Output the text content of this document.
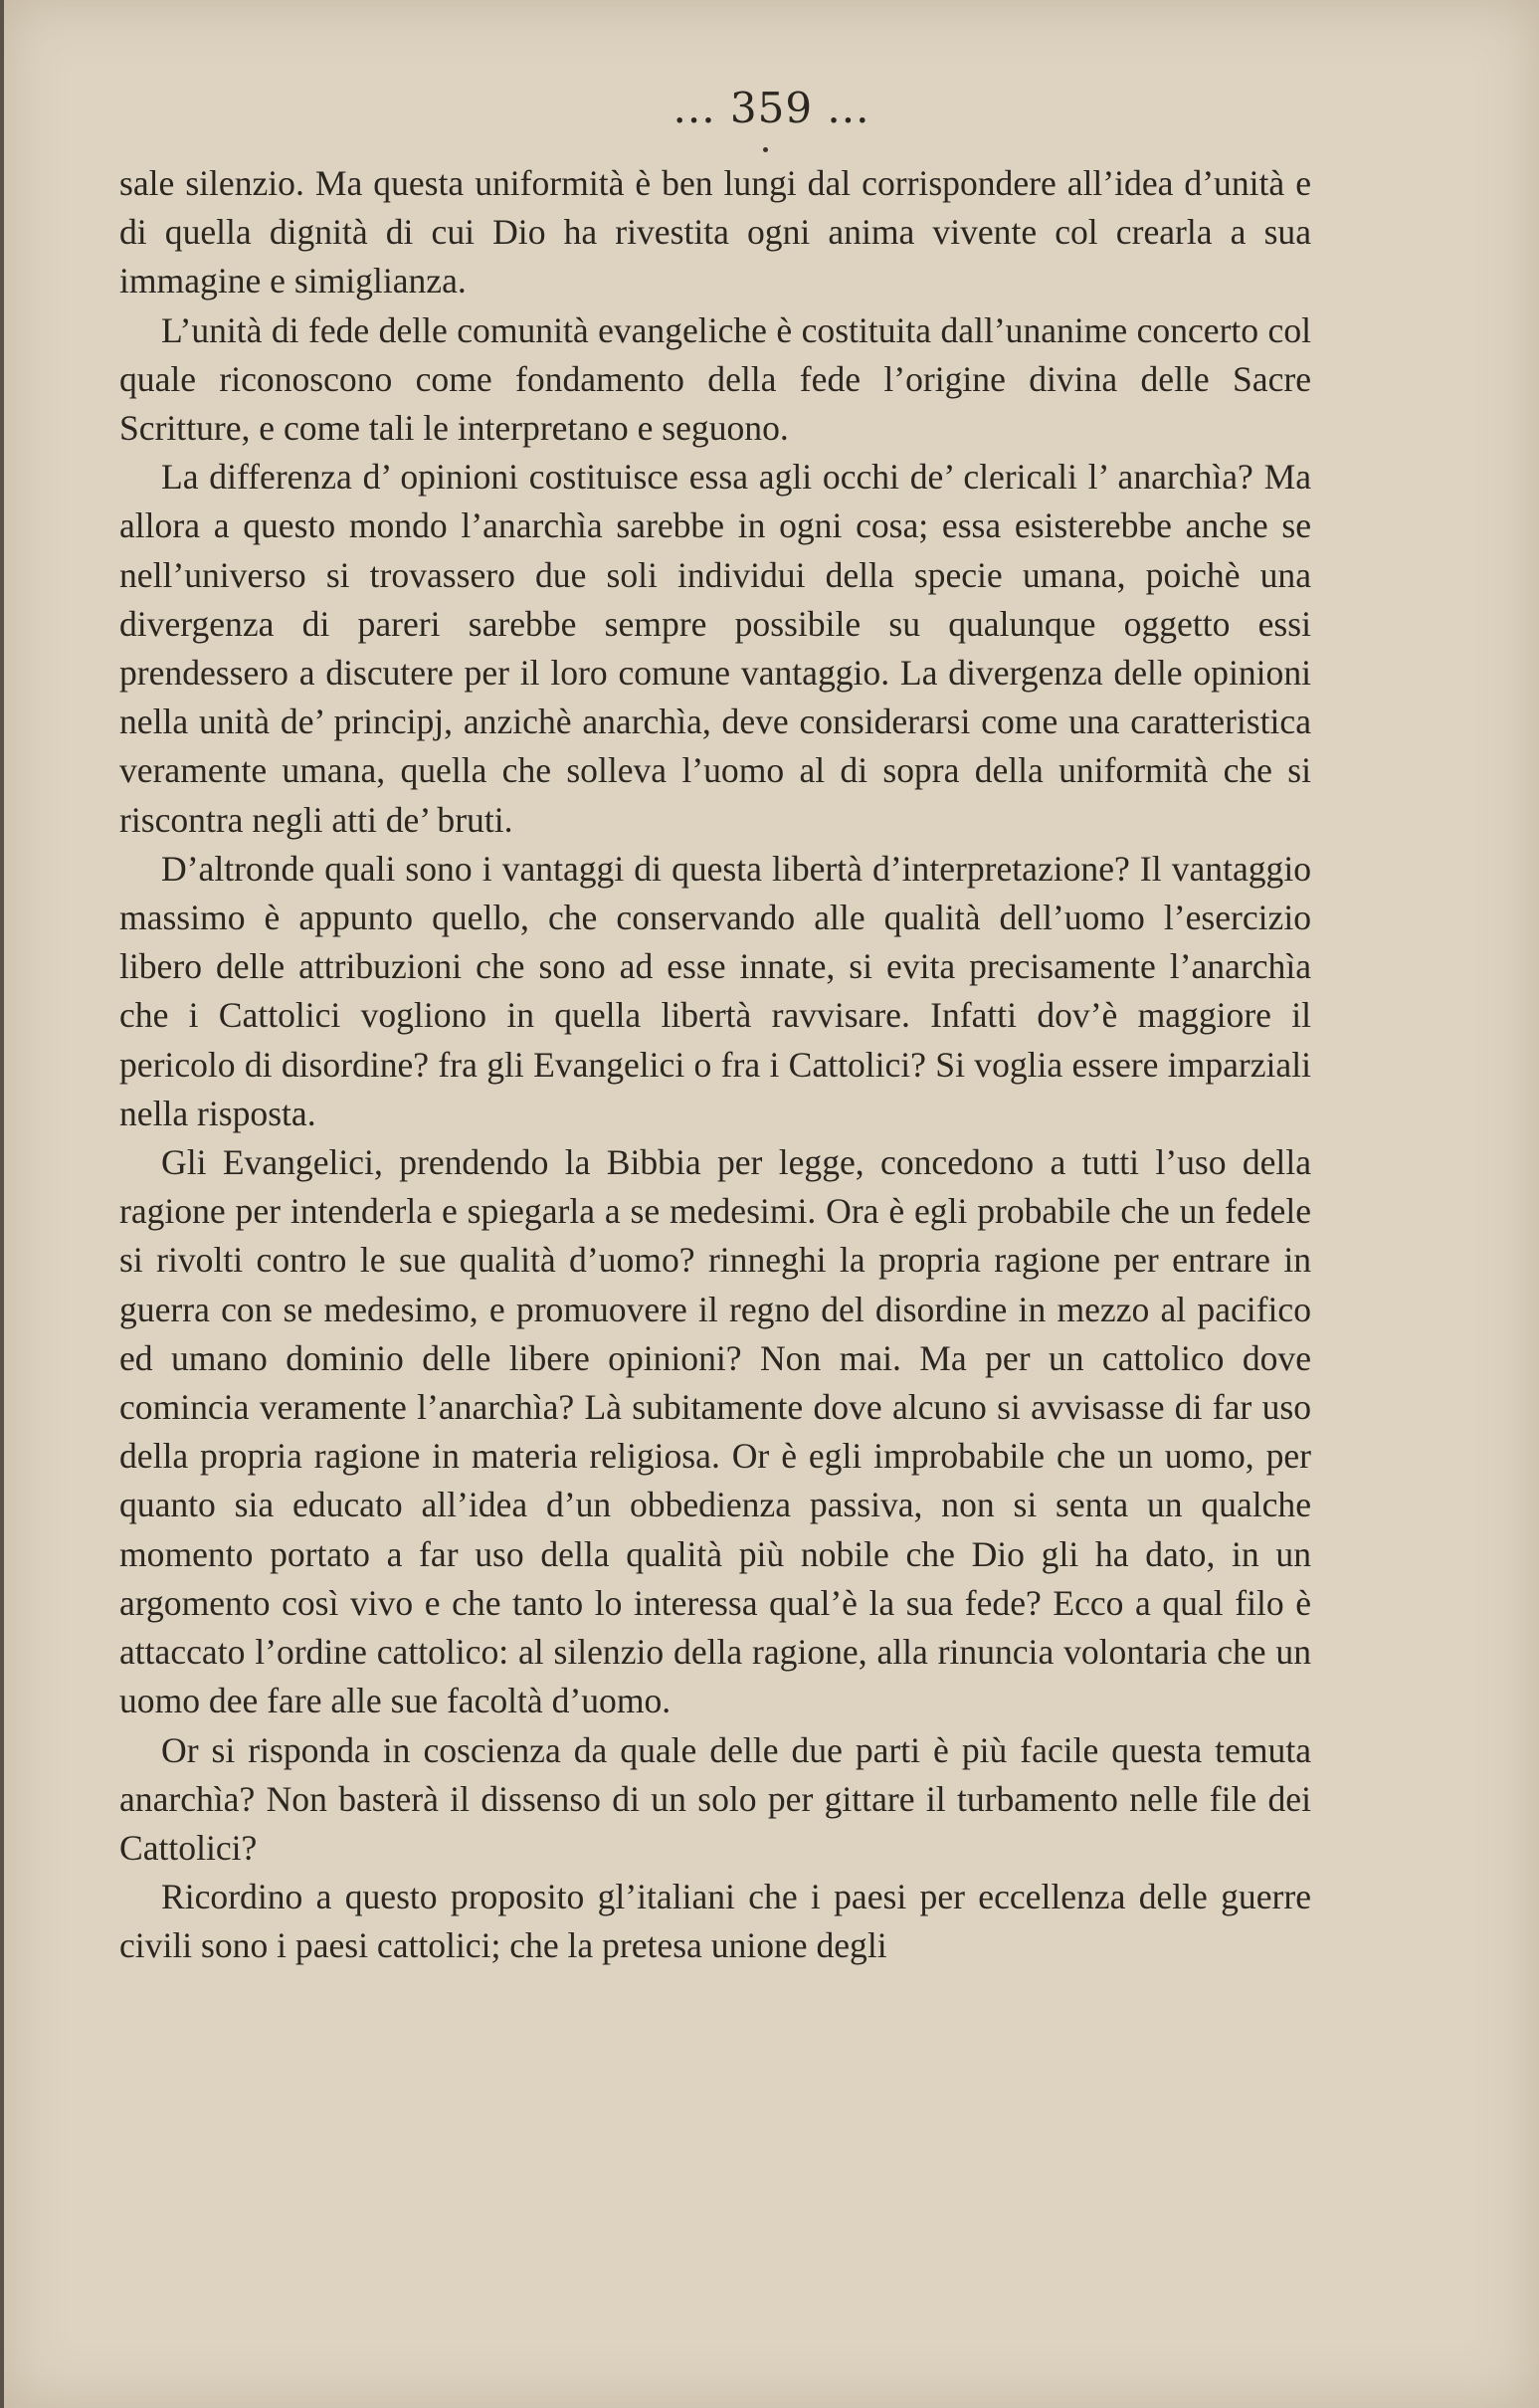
... 359 ...

sale silenzio. Ma questa uniformità è ben lungi dal corrispondere all’idea d’unità e di quella dignità di cui Dio ha rivestita ogni anima vivente col crearla a sua immagine e simiglianza.

L’unità di fede delle comunità evangeliche è costituita dall’unanime concerto col quale riconoscono come fondamento della fede l’origine divina delle Sacre Scritture, e come tali le interpretano e seguono.

La differenza d’ opinioni costituisce essa agli occhi de’ clericali l’ anarchìa? Ma allora a questo mondo l’anarchìa sarebbe in ogni cosa; essa esisterebbe anche se nell’universo si trovassero due soli individui della specie umana, poichè una divergenza di pareri sarebbe sempre possibile su qualunque oggetto essi prendessero a discutere per il loro comune vantaggio. La divergenza delle opinioni nella unità de’ principj, anzichè anarchìa, deve considerarsi come una caratteristica veramente umana, quella che solleva l’uomo al di sopra della uniformità che si riscontra negli atti de’ bruti.

D’altronde quali sono i vantaggi di questa libertà d’interpretazione? Il vantaggio massimo è appunto quello, che conservando alle qualità dell’uomo l’esercizio libero delle attribuzioni che sono ad esse innate, si evita precisamente l’anarchìa che i Cattolici vogliono in quella libertà ravvisare. Infatti dov’è maggiore il pericolo di disordine? fra gli Evangelici o fra i Cattolici? Si voglia essere imparziali nella risposta.

Gli Evangelici, prendendo la Bibbia per legge, concedono a tutti l’uso della ragione per intenderla e spiegarla a se medesimi. Ora è egli probabile che un fedele si rivolti contro le sue qualità d’uomo? rinneghi la propria ragione per entrare in guerra con se medesimo, e promuovere il regno del disordine in mezzo al pacifico ed umano dominio delle libere opinioni? Non mai. Ma per un cattolico dove comincia veramente l’anarchìa? Là subitamente dove alcuno si avvisasse di far uso della propria ragione in materia religiosa. Or è egli improbabile che un uomo, per quanto sia educato all’idea d’un obbedienza passiva, non si senta un qualche momento portato a far uso della qualità più nobile che Dio gli ha dato, in un argomento così vivo e che tanto lo interessa qual’è la sua fede? Ecco a qual filo è attaccato l’ordine cattolico: al silenzio della ragione, alla rinuncia volontaria che un uomo dee fare alle sue facoltà d’uomo.

Or si risponda in coscienza da quale delle due parti è più facile questa temuta anarchìa? Non basterà il dissenso di un solo per gittare il turbamento nelle file dei Cattolici?

Ricordino a questo proposito gl’italiani che i paesi per eccellenza delle guerre civili sono i paesi cattolici; che la pretesa unione degli
